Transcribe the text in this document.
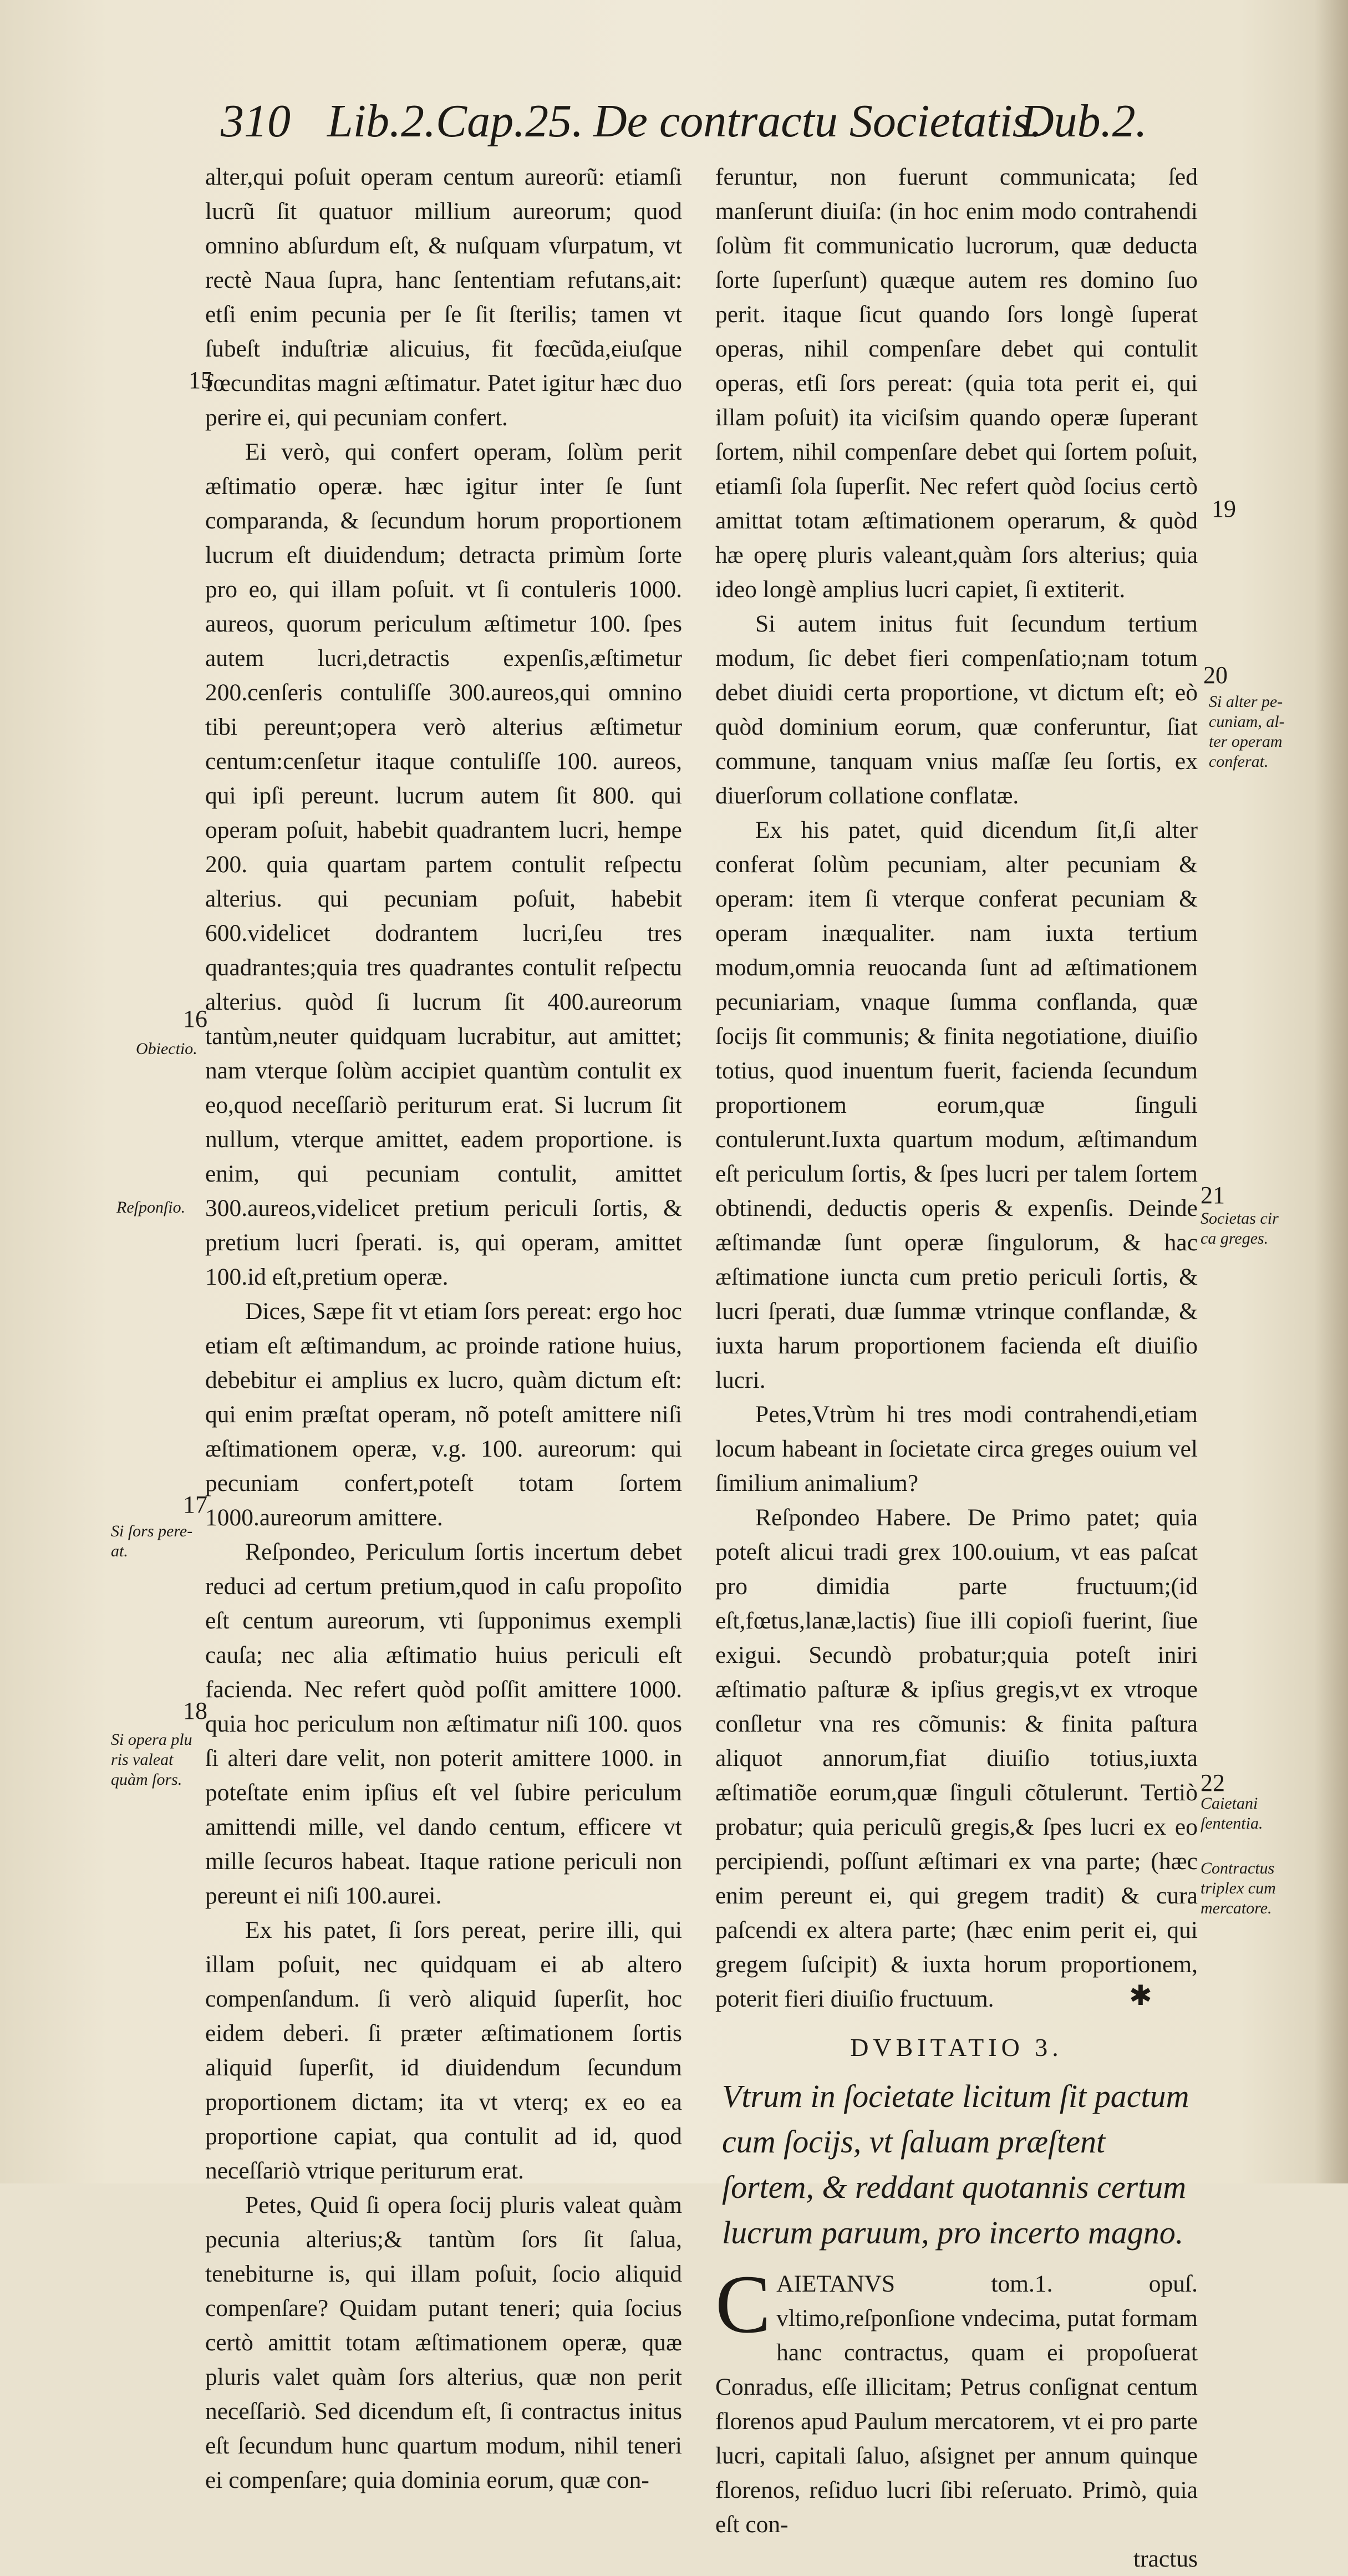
310 Lib.2.Cap.25. De contractu Societatis.
Dub.2.

alter,qui poſuit operam centum aureorũ: etiamſi lucrũ ſit quatuor millium aureorum; quod omnino abſurdum eſt, & nuſquam vſurpatum, vt rectè Naua ſupra, hanc ſententiam refutans,ait: etſi enim pecunia per ſe ſit ſterilis; tamen vt ſubeſt induſtriæ alicuius, fit fœcũda,eiuſque fœcunditas magni æſtimatur. Patet igitur hæc duo perire ei, qui pecuniam confert.

Ei verò, qui confert operam, ſolùm perit æſtimatio operæ. hæc igitur inter ſe ſunt comparanda, & ſecundum horum proportionem lucrum eſt diuidendum; detracta primùm ſorte pro eo, qui illam poſuit. vt ſi contuleris 1000. aureos, quorum periculum æſtimetur 100. ſpes autem lucri,detractis expenſis,æſtimetur 200.cenſeris contuliſſe 300.aureos,qui omnino tibi pereunt;opera verò alterius æſtimetur centum:cenſetur itaque contuliſſe 100. aureos, qui ipſi pereunt. lucrum autem ſit 800. qui operam poſuit, habebit quadrantem lucri, hempe 200. quia quartam partem contulit reſpectu alterius. qui pecuniam poſuit, habebit 600.videlicet dodrantem lucri,ſeu tres quadrantes;quia tres quadrantes contulit reſpectu alterius. quòd ſi lucrum ſit 400.aureorum tantùm,neuter quidquam lucrabitur, aut amittet; nam vterque ſolùm accipiet quantùm contulit ex eo,quod neceſſariò periturum erat. Si lucrum ſit nullum, vterque amittet, eadem proportione. is enim, qui pecuniam contulit, amittet 300.aureos,videlicet pretium periculi ſortis, & pretium lucri ſperati. is, qui operam, amittet 100.id eſt,pretium operæ.

Dices, Sæpe fit vt etiam ſors pereat: ergo hoc etiam eſt æſtimandum, ac proinde ratione huius, debebitur ei amplius ex lucro, quàm dictum eſt: qui enim præſtat operam, nõ poteſt amittere niſi æſtimationem operæ, v.g. 100. aureorum: qui pecuniam confert,poteſt totam ſortem 1000.aureorum amittere.

Reſpondeo, Periculum ſortis incertum debet reduci ad certum pretium,quod in caſu propoſito eſt centum aureorum, vti ſupponimus exempli cauſa; nec alia æſtimatio huius periculi eſt facienda. Nec refert quòd poſſit amittere 1000. quia hoc periculum non æſtimatur niſi 100. quos ſi alteri dare velit, non poterit amittere 1000. in poteſtate enim ipſius eſt vel ſubire periculum amittendi mille, vel dando centum, efficere vt mille ſecuros habeat. Itaque ratione periculi non pereunt ei niſi 100.aurei.

Ex his patet, ſi ſors pereat, perire illi, qui illam poſuit, nec quidquam ei ab altero compenſandum. ſi verò aliquid ſuperſit, hoc eidem deberi. ſi præter æſtimationem ſortis aliquid ſuperſit, id diuidendum ſecundum proportionem dictam; ita vt vterq; ex eo ea proportione capiat, qua contulit ad id, quod neceſſariò vtrique periturum erat.

Petes, Quid ſi opera ſocij pluris valeat quàm pecunia alterius;& tantùm ſors ſit ſalua, tenebiturne is, qui illam poſuit, ſocio aliquid compenſare? Quidam putant teneri; quia ſocius certò amittit totam æſtimationem operæ, quæ pluris valet quàm ſors alterius, quæ non perit neceſſariò. Sed dicendum eſt, ſi contractus initus eſt ſecundum hunc quartum modum, nihil teneri ei compenſare; quia dominia eorum, quæ con-

feruntur, non fuerunt communicata; ſed manſerunt diuiſa: (in hoc enim modo contrahendi ſolùm fit communicatio lucrorum, quæ deducta ſorte ſuperſunt) quæque autem res domino ſuo perit. itaque ſicut quando ſors longè ſuperat operas, nihil compenſare debet qui contulit operas, etſi ſors pereat: (quia tota perit ei, qui illam poſuit) ita viciſsim quando operæ ſuperant ſortem, nihil compenſare debet qui ſortem poſuit, etiamſi ſola ſuperſit. Nec refert quòd ſocius certò amittat totam æſtimationem operarum, & quòd hæ operę pluris valeant,quàm ſors alterius; quia ideo longè amplius lucri capiet, ſi extiterit.

Si autem initus fuit ſecundum tertium modum, ſic debet fieri compenſatio;nam totum debet diuidi certa proportione, vt dictum eſt; eò quòd dominium eorum, quæ conferuntur, ſiat commune, tanquam vnius maſſæ ſeu ſortis, ex diuerſorum collatione conflatæ.

Ex his patet, quid dicendum ſit,ſi alter conferat ſolùm pecuniam, alter pecuniam & operam: item ſi vterque conferat pecuniam & operam inæqualiter. nam iuxta tertium modum,omnia reuocanda ſunt ad æſtimationem pecuniariam, vnaque ſumma conflanda, quæ ſocijs ſit communis; & finita negotiatione, diuiſio totius, quod inuentum fuerit, facienda ſecundum proportionem eorum,quæ ſinguli contulerunt.Iuxta quartum modum, æſtimandum eſt periculum ſortis, & ſpes lucri per talem ſortem obtinendi, deductis operis & expenſis. Deinde æſtimandæ ſunt operæ ſingulorum, & hac æſtimatione iuncta cum pretio periculi ſortis, & lucri ſperati, duæ ſummæ vtrinque conflandæ, & iuxta harum proportionem facienda eſt diuiſio lucri.

Petes,Vtrùm hi tres modi contrahendi,etiam locum habeant in ſocietate circa greges ouium vel ſimilium animalium?

Reſpondeo Habere. De Primo patet; quia poteſt alicui tradi grex 100.ouium, vt eas paſcat pro dimidia parte fructuum;(id eſt,fœtus,lanæ,lactis) ſiue illi copioſi fuerint, ſiue exigui. Secundò probatur;quia poteſt iniri æſtimatio paſturæ & ipſius gregis,vt ex vtroque conſletur vna res cõmunis: & finita paſtura aliquot annorum,fiat diuiſio totius,iuxta æſtimatiõe eorum,quæ ſinguli cõtulerunt. Tertiò probatur; quia periculũ gregis,& ſpes lucri ex eo percipiendi, poſſunt æſtimari ex vna parte; (hæc enim pereunt ei, qui gregem tradit) & cura paſcendi ex altera parte; (hæc enim perit ei, qui gregem ſuſcipit) & iuxta horum proportionem, poterit fieri diuiſio fructuum.

DVBITATIO 3.
Vtrum in ſocietate licitum ſit pactum cum ſocijs, vt ſaluam præſtent ſortem, & reddant quotannis certum lucrum paruum, pro incerto magno.

CAIETANVS tom.1. opuſ. vltimo,reſponſione vndecima, putat formam hanc contractus, quam ei propoſuerat Conradus, eſſe illicitam; Petrus conſignat centum florenos apud Paulum mercatorem, vt ei pro parte lucri, capitali ſaluo, aſsignet per annum quinque florenos, reſiduo lucri ſibi reſeruato. Primò, quia eſt con-

tractus

15
16
17
18
19
20
21
22
Obiectio.
Reſponſio.
Si ſors pere-
at.
Si opera plu
ris valeat
quàm ſors.
Si alter pe-
cuniam, al-
ter operam
conferat.
Societas cir
ca greges.
Caietani
ſententia.
Contractus
triplex cum
mercatore.
✱
